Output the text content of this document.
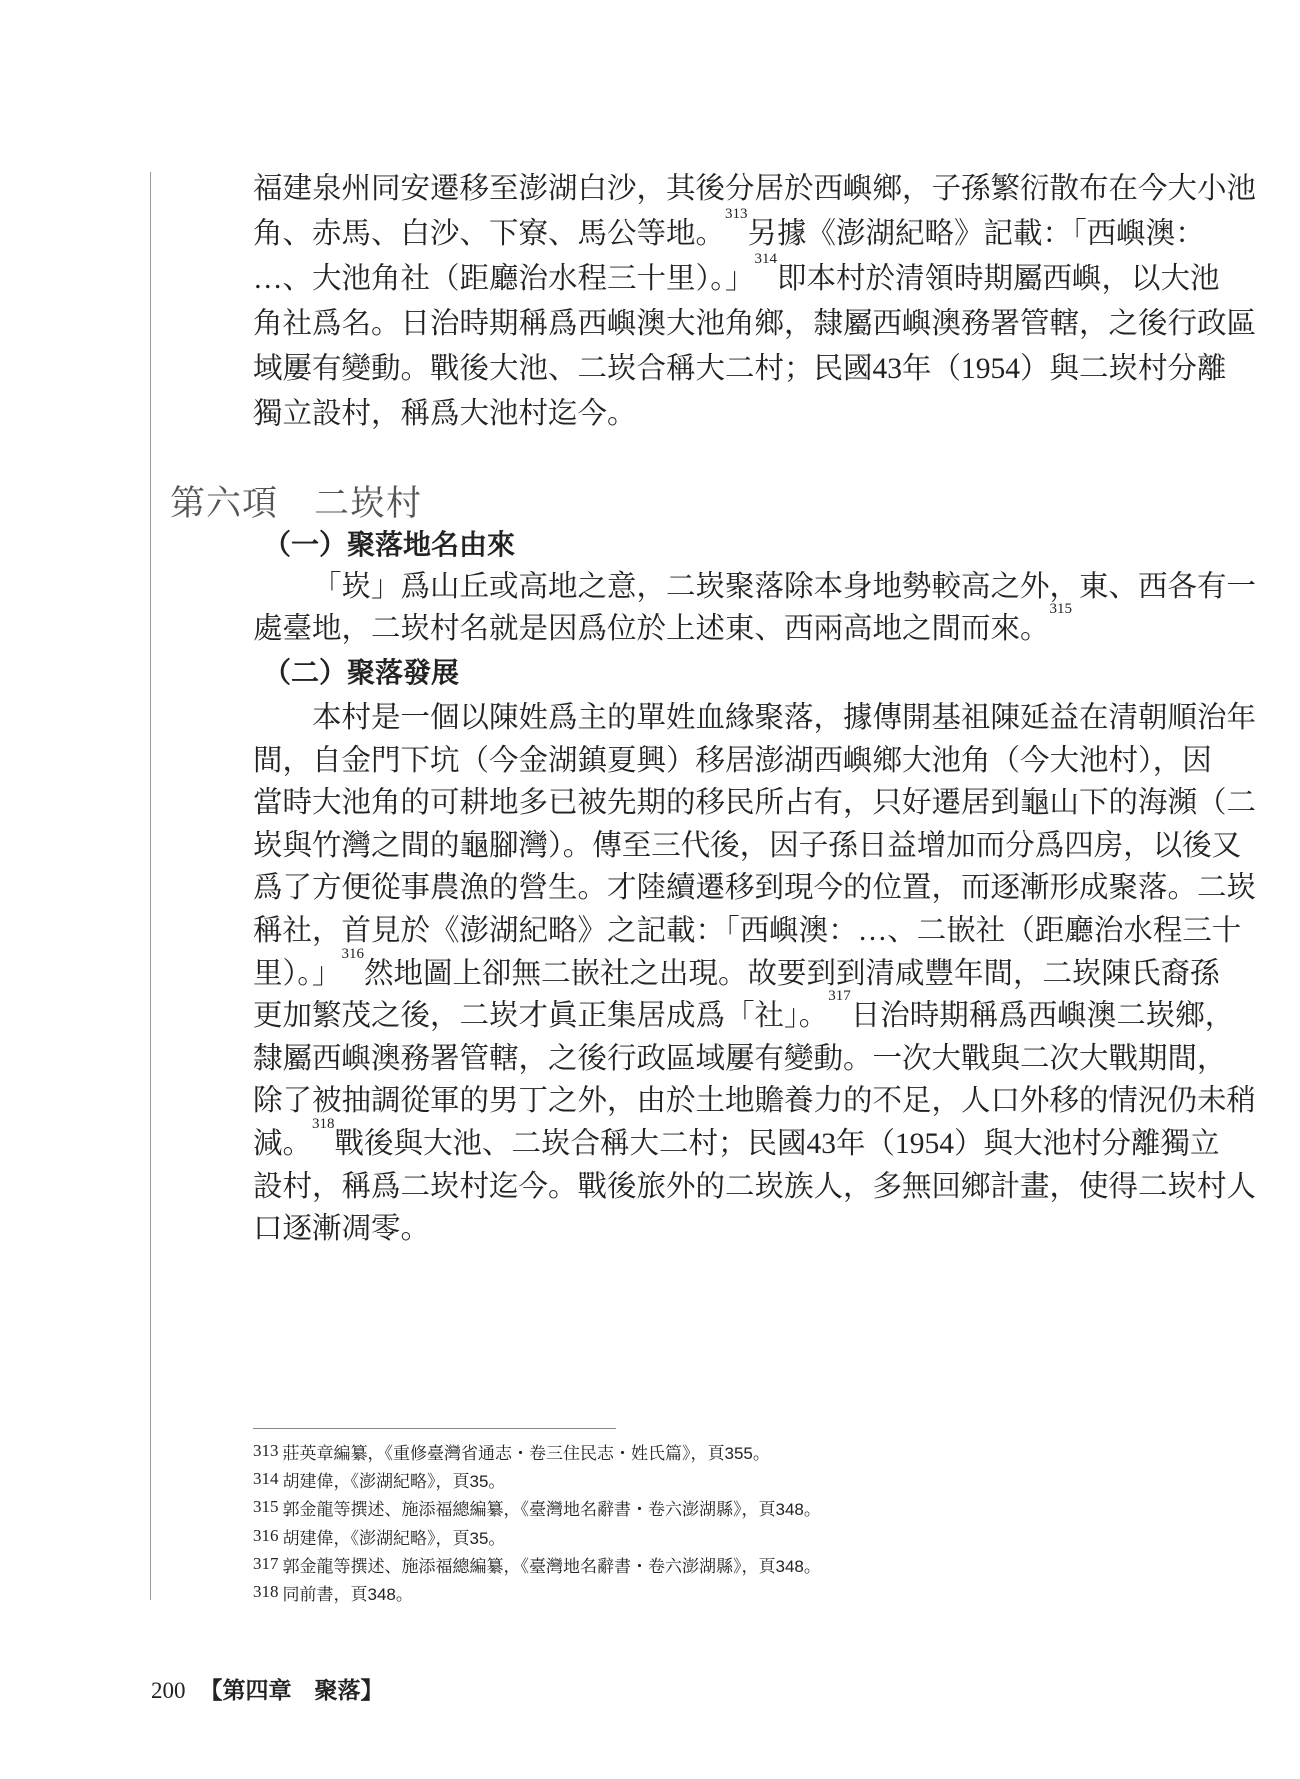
福建泉州同安遷移至澎湖白沙，其後分居於西嶼鄉，子孫繁衍散布在今大小池
角、赤馬、白沙、下寮、馬公等地。$^{313}$另據《澎湖紀略》記載：「西嶼澳：
…、大池角社（距廳治水程三十里）。」$^{314}$即本村於清領時期屬西嶼，以大池
角社爲名。日治時期稱爲西嶼澳大池角鄉，隸屬西嶼澳務署管轄，之後行政區
域屢有變動。戰後大池、二崁合稱大二村；民國43年（1954）與二崁村分離
獨立設村，稱爲大池村迄今。
第六項　二崁村
（一）聚落地名由來
「崁」爲山丘或高地之意，二崁聚落除本身地勢較高之外，東、西各有一
處臺地，二崁村名就是因爲位於上述東、西兩高地之間而來。$^{315}$
（二）聚落發展
本村是一個以陳姓爲主的單姓血緣聚落，據傳開基祖陳延益在清朝順治年
間，自金門下坑（今金湖鎮夏興）移居澎湖西嶼鄉大池角（今大池村），因
當時大池角的可耕地多已被先期的移民所占有，只好遷居到龜山下的海瀕（二
崁與竹灣之間的龜腳灣）。傳至三代後，因子孫日益增加而分爲四房，以後又
爲了方便從事農漁的營生。才陸續遷移到現今的位置，而逐漸形成聚落。二崁
稱社，首見於《澎湖紀略》之記載：「西嶼澳：…、二嵌社（距廳治水程三十
里）。」$^{316}$然地圖上卻無二嵌社之出現。故要到到清咸豐年間，二崁陳氏裔孫
更加繁茂之後，二崁才眞正集居成爲「社」。$^{317}$日治時期稱爲西嶼澳二崁鄉，
隸屬西嶼澳務署管轄，之後行政區域屢有變動。一次大戰與二次大戰期間，
除了被抽調從軍的男丁之外，由於土地贍養力的不足，人口外移的情況仍未稍
減。$^{318}$戰後與大池、二崁合稱大二村；民國43年（1954）與大池村分離獨立
設村，稱爲二崁村迄今。戰後旅外的二崁族人，多無回鄉計畫，使得二崁村人
口逐漸凋零。
313 莊英章編纂，《重修臺灣省通志・卷三住民志・姓氏篇》，頁355。
314 胡建偉，《澎湖紀略》，頁35。
315 郭金龍等撰述、施添福總編纂，《臺灣地名辭書・卷六澎湖縣》，頁348。
316 胡建偉，《澎湖紀略》，頁35。
317 郭金龍等撰述、施添福總編纂，《臺灣地名辭書・卷六澎湖縣》，頁348。
318 同前書，頁348。
200 【第四章　聚落】
